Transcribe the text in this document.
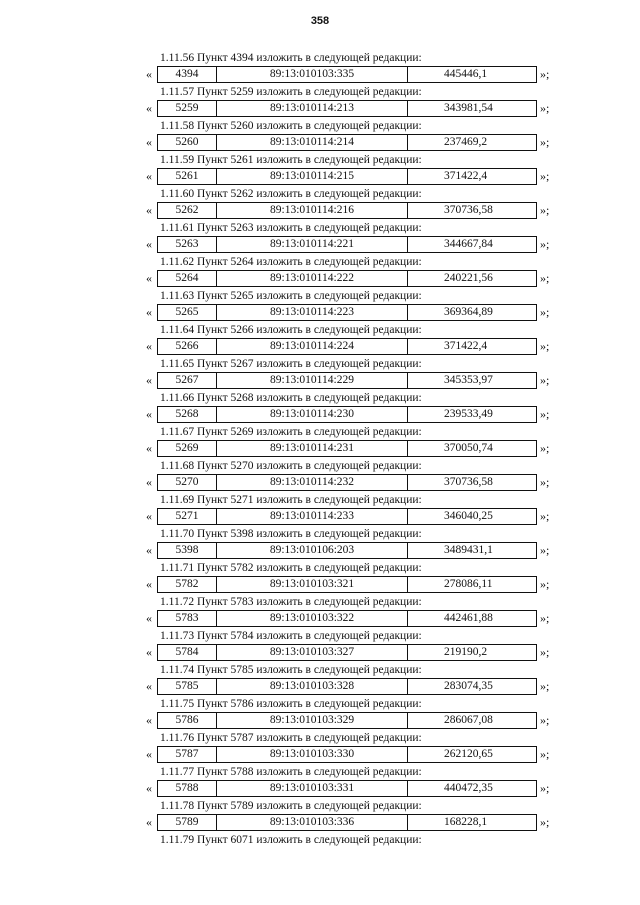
358
1.11.56 Пункт 4394 изложить в следующей редакции:
«	4394	89:13:010103:335	445446,1	»;
1.11.57 Пункт 5259 изложить в следующей редакции:
«	5259	89:13:010114:213	343981,54	»;
1.11.58 Пункт 5260 изложить в следующей редакции:
«	5260	89:13:010114:214	237469,2	»;
1.11.59 Пункт 5261 изложить в следующей редакции:
«	5261	89:13:010114:215	371422,4	»;
1.11.60 Пункт 5262 изложить в следующей редакции:
«	5262	89:13:010114:216	370736,58	»;
1.11.61 Пункт 5263 изложить в следующей редакции:
«	5263	89:13:010114:221	344667,84	»;
1.11.62 Пункт 5264 изложить в следующей редакции:
«	5264	89:13:010114:222	240221,56	»;
1.11.63 Пункт 5265 изложить в следующей редакции:
«	5265	89:13:010114:223	369364,89	»;
1.11.64 Пункт 5266 изложить в следующей редакции:
«	5266	89:13:010114:224	371422,4	»;
1.11.65 Пункт 5267 изложить в следующей редакции:
«	5267	89:13:010114:229	345353,97	»;
1.11.66 Пункт 5268 изложить в следующей редакции:
«	5268	89:13:010114:230	239533,49	»;
1.11.67 Пункт 5269 изложить в следующей редакции:
«	5269	89:13:010114:231	370050,74	»;
1.11.68 Пункт 5270 изложить в следующей редакции:
«	5270	89:13:010114:232	370736,58	»;
1.11.69 Пункт 5271 изложить в следующей редакции:
«	5271	89:13:010114:233	346040,25	»;
1.11.70 Пункт 5398 изложить в следующей редакции:
«	5398	89:13:010106:203	3489431,1	»;
1.11.71 Пункт 5782 изложить в следующей редакции:
«	5782	89:13:010103:321	278086,11	»;
1.11.72 Пункт 5783 изложить в следующей редакции:
«	5783	89:13:010103:322	442461,88	»;
1.11.73 Пункт 5784 изложить в следующей редакции:
«	5784	89:13:010103:327	219190,2	»;
1.11.74 Пункт 5785 изложить в следующей редакции:
«	5785	89:13:010103:328	283074,35	»;
1.11.75 Пункт 5786 изложить в следующей редакции:
«	5786	89:13:010103:329	286067,08	»;
1.11.76 Пункт 5787 изложить в следующей редакции:
«	5787	89:13:010103:330	262120,65	»;
1.11.77 Пункт 5788 изложить в следующей редакции:
«	5788	89:13:010103:331	440472,35	»;
1.11.78 Пункт 5789 изложить в следующей редакции:
«	5789	89:13:010103:336	168228,1	»;
1.11.79 Пункт 6071 изложить в следующей редакции:
